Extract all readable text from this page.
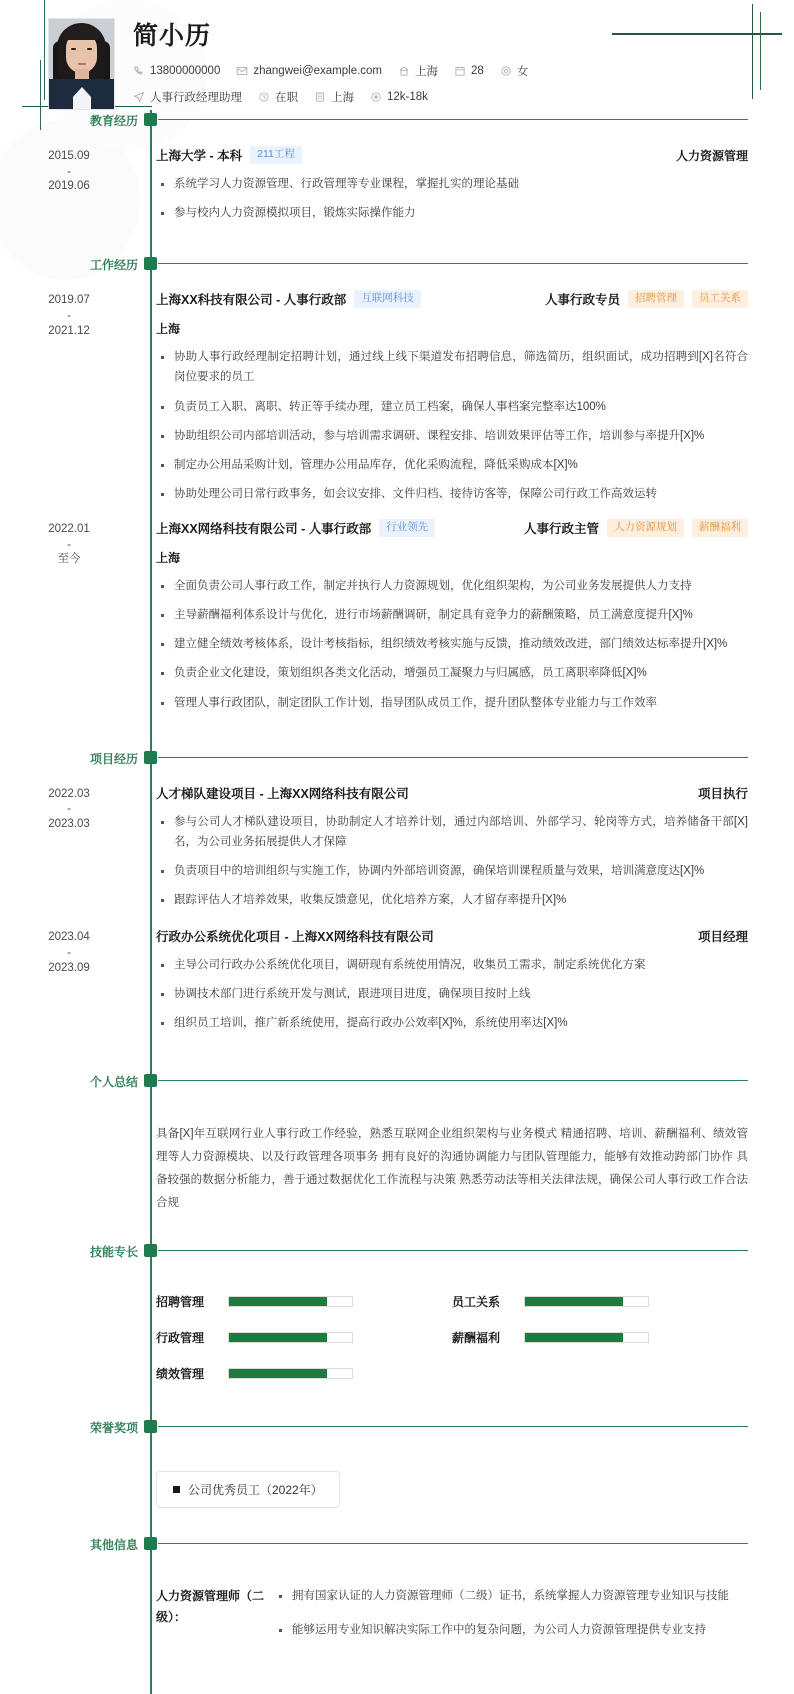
简小历
13800000000	zhangwei@example.com	上海	28	女
人事行政经理助理	在职	上海	12k-18k
教育经历
2015.09
-
2019.06
上海大学 - 本科	211工程	人力资源管理
系统学习人力资源管理、行政管理等专业课程，掌握扎实的理论基础
参与校内人力资源模拟项目，锻炼实际操作能力
工作经历
2019.07
-
2021.12
上海XX科技有限公司 - 人事行政部	互联网科技	人事行政专员	招聘管理	员工关系
上海
协助人事行政经理制定招聘计划，通过线上线下渠道发布招聘信息，筛选简历，组织面试，成功招聘到[X]名符合岗位要求的员工
负责员工入职、离职、转正等手续办理，建立员工档案，确保人事档案完整率达100%
协助组织公司内部培训活动，参与培训需求调研、课程安排、培训效果评估等工作，培训参与率提升[X]%
制定办公用品采购计划，管理办公用品库存，优化采购流程，降低采购成本[X]%
协助处理公司日常行政事务，如会议安排、文件归档、接待访客等，保障公司行政工作高效运转
2022.01
-
至今
上海XX网络科技有限公司 - 人事行政部	行业领先	人事行政主管	人力资源规划	薪酬福利
上海
全面负责公司人事行政工作，制定并执行人力资源规划，优化组织架构，为公司业务发展提供人力支持
主导薪酬福利体系设计与优化，进行市场薪酬调研，制定具有竞争力的薪酬策略，员工满意度提升[X]%
建立健全绩效考核体系，设计考核指标，组织绩效考核实施与反馈，推动绩效改进，部门绩效达标率提升[X]%
负责企业文化建设，策划组织各类文化活动，增强员工凝聚力与归属感，员工离职率降低[X]%
管理人事行政团队，制定团队工作计划，指导团队成员工作，提升团队整体专业能力与工作效率
项目经历
2022.03
-
2023.03
人才梯队建设项目 - 上海XX网络科技有限公司	项目执行
参与公司人才梯队建设项目，协助制定人才培养计划，通过内部培训、外部学习、轮岗等方式，培养储备干部[X]名，为公司业务拓展提供人才保障
负责项目中的培训组织与实施工作，协调内外部培训资源，确保培训课程质量与效果，培训满意度达[X]%
跟踪评估人才培养效果，收集反馈意见，优化培养方案，人才留存率提升[X]%
2023.04
-
2023.09
行政办公系统优化项目 - 上海XX网络科技有限公司	项目经理
主导公司行政办公系统优化项目，调研现有系统使用情况，收集员工需求，制定系统优化方案
协调技术部门进行系统开发与测试，跟进项目进度，确保项目按时上线
组织员工培训，推广新系统使用，提高行政办公效率[X]%，系统使用率达[X]%
个人总结
具备[X]年互联网行业人事行政工作经验，熟悉互联网企业组织架构与业务模式 精通招聘、培训、薪酬福利、绩效管理等人力资源模块、以及行政管理各项事务 拥有良好的沟通协调能力与团队管理能力，能够有效推动跨部门协作 具备较强的数据分析能力，善于通过数据优化工作流程与决策 熟悉劳动法等相关法律法规，确保公司人事行政工作合法合规
技能专长
招聘管理	员工关系
行政管理	薪酬福利
绩效管理
荣誉奖项
公司优秀员工（2022年）
其他信息
人力资源管理师（二级）：
拥有国家认证的人力资源管理师（二级）证书，系统掌握人力资源管理专业知识与技能
能够运用专业知识解决实际工作中的复杂问题，为公司人力资源管理提供专业支持
